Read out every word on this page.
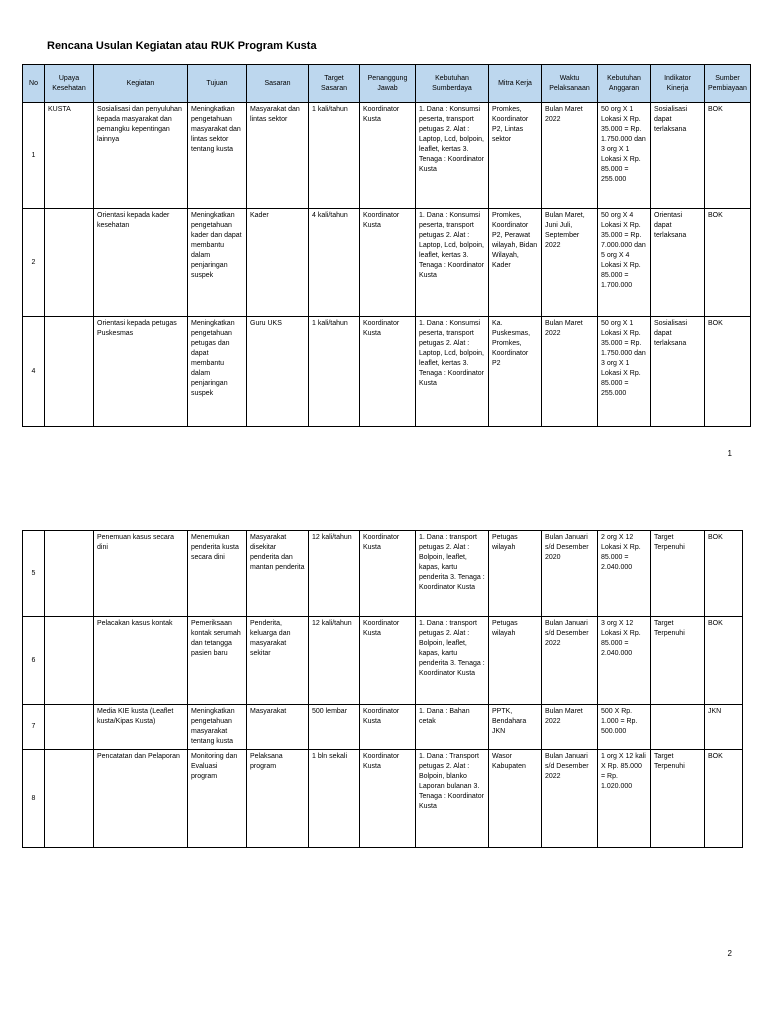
Rencana Usulan Kegiatan atau RUK Program Kusta
No	Upaya Kesehatan	Kegiatan	Tujuan	Sasaran	Target Sasaran	Penanggung Jawab	Kebutuhan Sumberdaya	Mitra Kerja	Waktu Pelaksanaan	Kebutuhan Anggaran	Indikator Kinerja	Sumber Pembiayaan
1	KUSTA	Sosialisasi dan penyuluhan kepada masyarakat dan pemangku kepentingan lainnya	Meningkatkan pengetahuan masyarakat dan lintas sektor tentang kusta	Masyarakat dan lintas sektor	1 kali/tahun	Koordinator Kusta	1. Dana : Konsumsi peserta, transport petugas 2. Alat : Laptop, Lcd, bolpoin, leaflet, kertas 3. Tenaga : Koordinator Kusta	Promkes, Koordinator P2, Lintas sektor	Bulan Maret 2022	50 org X 1 Lokasi X Rp. 35.000 = Rp. 1.750.000 dan 3 org X 1 Lokasi X Rp. 85.000 = 255.000	Sosialisasi dapat terlaksana	BOK
2		Orientasi kepada kader kesehatan	Meningkatkan pengetahuan kader dan dapat membantu dalam penjaringan suspek	Kader	4 kali/tahun	Koordinator Kusta	1. Dana : Konsumsi peserta, transport petugas 2. Alat : Laptop, Lcd, bolpoin, leaflet, kertas 3. Tenaga : Koordinator Kusta	Promkes, Koordinator P2, Perawat wilayah, Bidan Wilayah, Kader	Bulan Maret, Juni Juli, September 2022	50 org X 4 Lokasi X Rp. 35.000 = Rp. 7.000.000 dan 5 org X 4 Lokasi X Rp. 85.000 = 1.700.000	Orientasi dapat terlaksana	BOK
4		Orientasi kepada petugas Puskesmas	Meningkatkan pengetahuan petugas dan dapat membantu dalam penjaringan suspek	Guru UKS	1 kali/tahun	Koordinator Kusta	1. Dana : Konsumsi peserta, transport petugas 2. Alat : Laptop, Lcd, bolpoin, leaflet, kertas 3. Tenaga : Koordinator Kusta	Ka. Puskesmas, Promkes, Koordinator P2	Bulan Maret 2022	50 org X 1 Lokasi X Rp. 35.000 = Rp. 1.750.000 dan 3 org X 1 Lokasi X Rp. 85.000 = 255.000	Sosialisasi dapat terlaksana	BOK
1
5		Penemuan kasus secara dini	Menemukan penderita kusta secara dini	Masyarakat disekitar penderita dan mantan penderita	12 kali/tahun	Koordinator Kusta	1. Dana : transport petugas 2. Alat : Bolpoin, leaflet, kapas, kartu penderita 3. Tenaga : Koordinator Kusta	Petugas wilayah	Bulan Januari s/d Desember 2020	2 org X 12 Lokasi X Rp. 85.000 = 2.040.000	Target Terpenuhi	BOK
6		Pelacakan kasus kontak	Pemeriksaan kontak serumah dan tetangga pasien baru	Penderita, keluarga dan masyarakat sekitar	12 kali/tahun	Koordinator Kusta	1. Dana : transport petugas 2. Alat : Bolpoin, leaflet, kapas, kartu penderita 3. Tenaga : Koordinator Kusta	Petugas wilayah	Bulan Januari s/d Desember 2022	3 org X 12 Lokasi X Rp. 85.000 = 2.040.000	Target Terpenuhi	BOK
7		Media KIE kusta (Leaflet kusta/Kipas Kusta)	Meningkatkan pengetahuan masyarakat tentang kusta	Masyarakat	500 lembar	Koordinator Kusta	1. Dana : Bahan cetak	PPTK, Bendahara JKN	Bulan Maret 2022	500 X Rp. 1.000 = Rp. 500.000		JKN
8		Pencatatan dan Pelaporan	Monitoring dan Evaluasi program	Pelaksana program	1 bln sekali	Koordinator Kusta	1. Dana : Transport petugas 2. Alat : Bolpoin, blanko Laporan bulanan 3. Tenaga : Koordinator Kusta	Wasor Kabupaten	Bulan Januari s/d Desember 2022	1 org X 12 kali X Rp. 85.000 = Rp. 1.020.000	Target Terpenuhi	BOK
2
